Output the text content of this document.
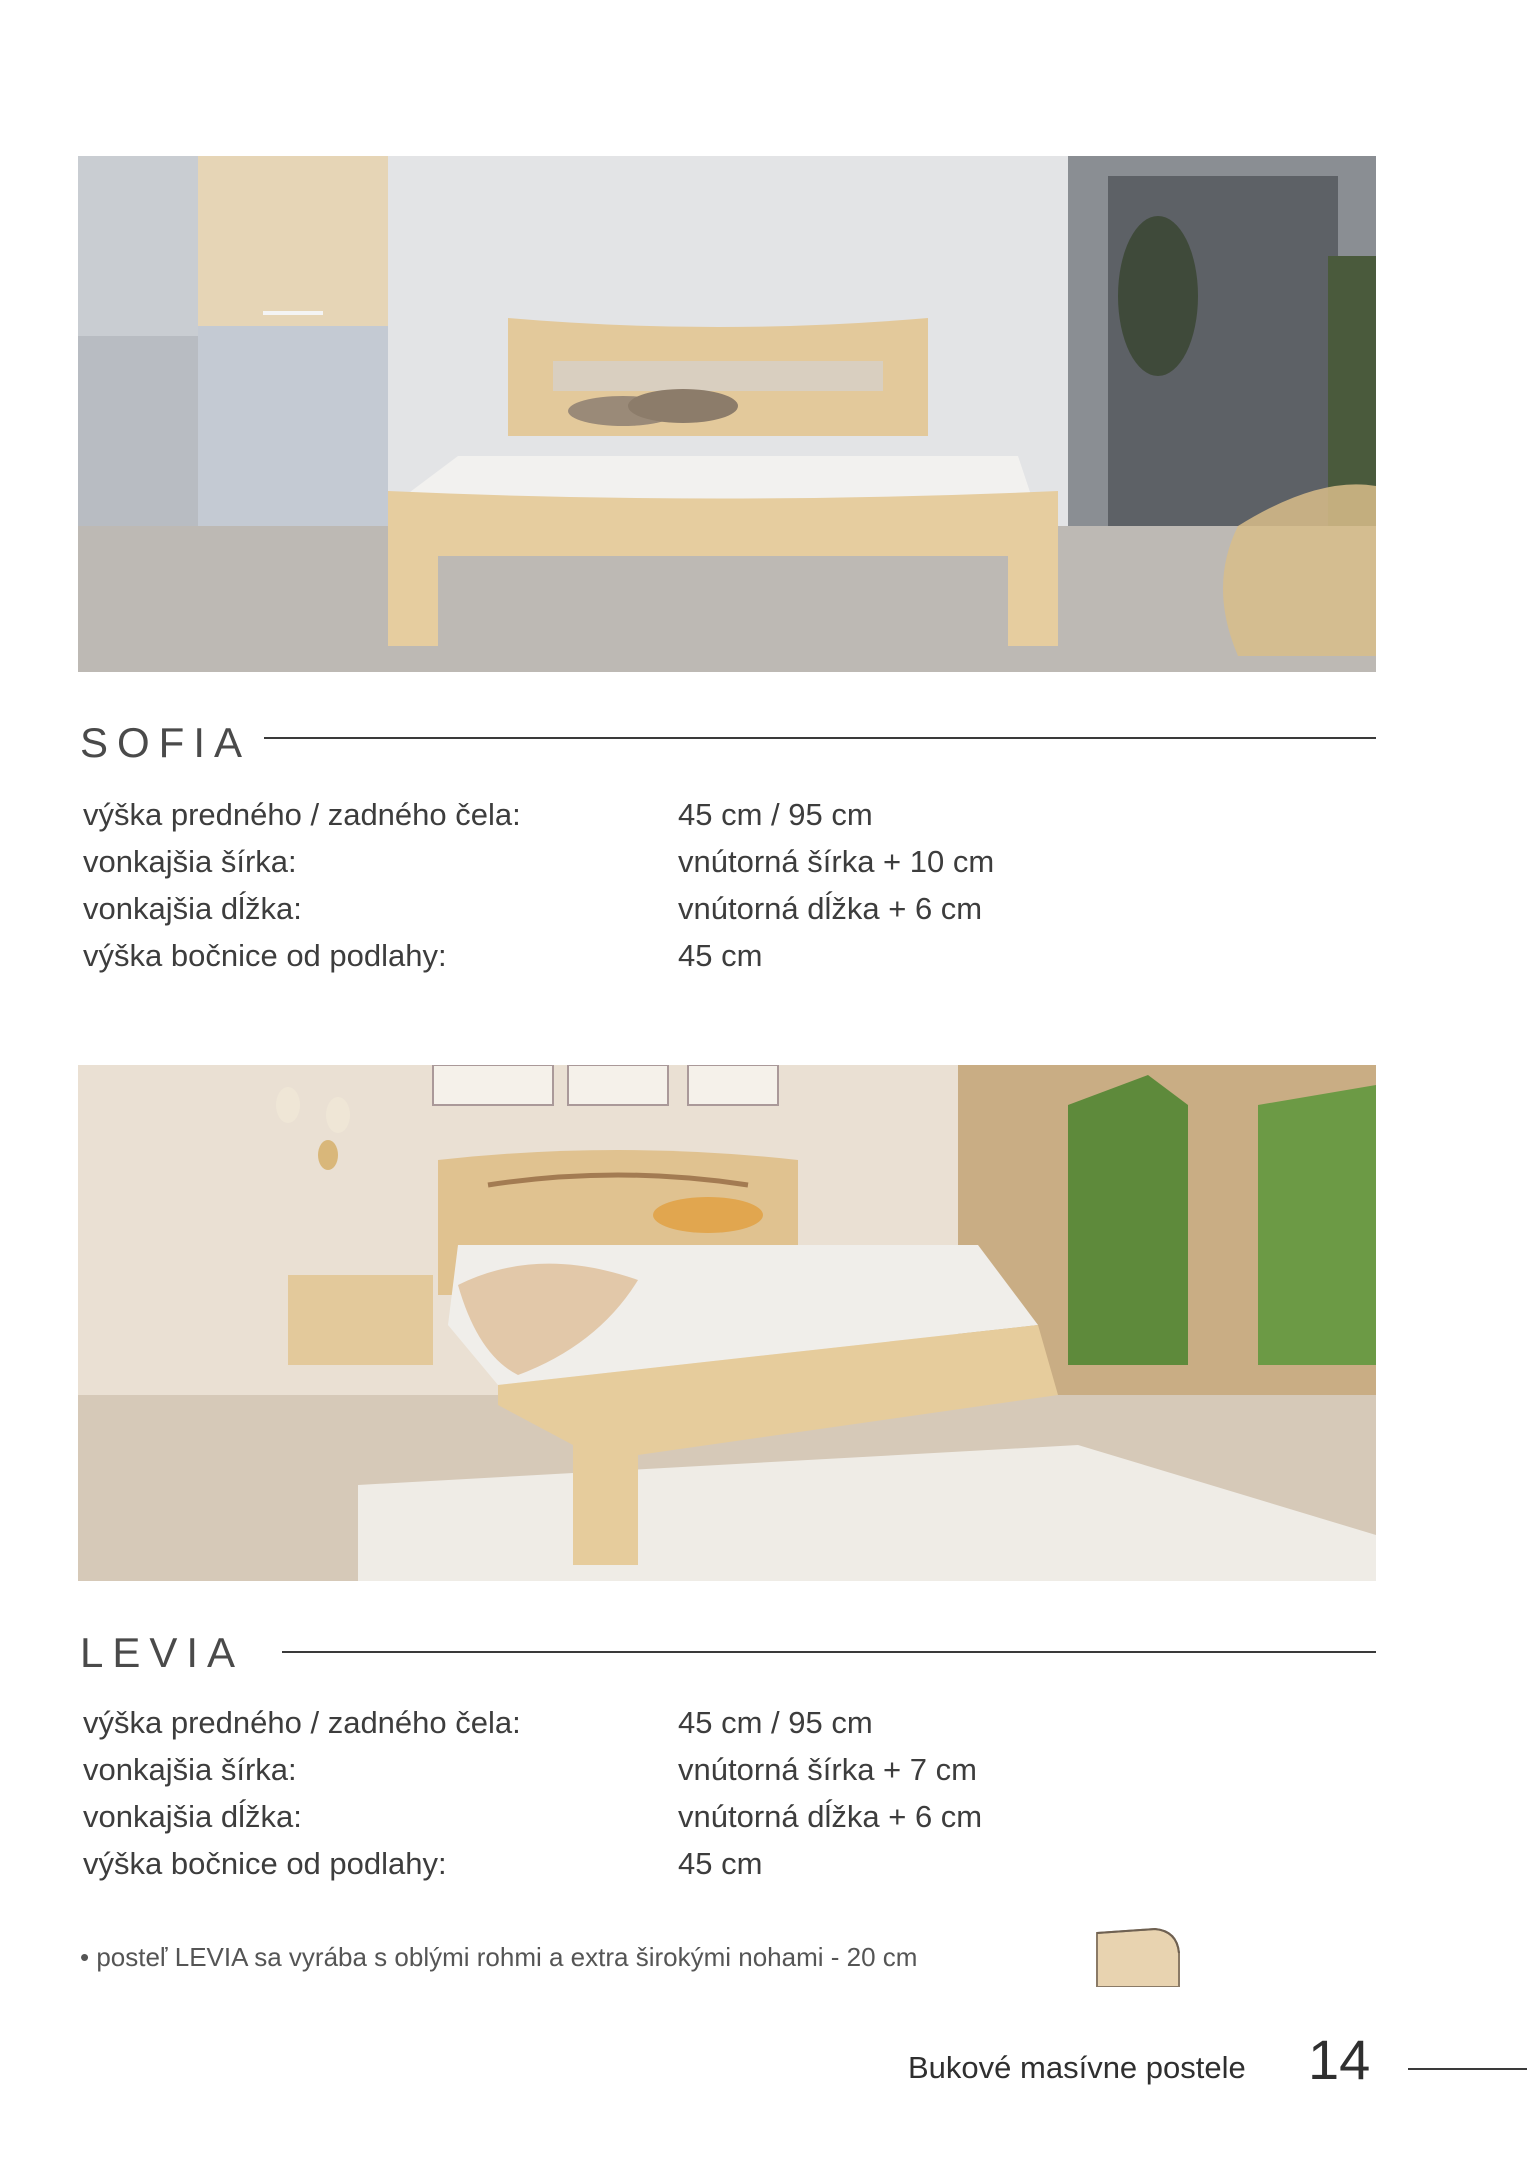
SOFIA
výška predného / zadného čela:	45 cm / 95 cm
vonkajšia šírka:	vnútorná šírka + 10 cm
vonkajšia dĺžka:	vnútorná dĺžka + 6 cm
výška bočnice od podlahy:	45 cm
LEVIA
výška predného / zadného čela:	45 cm / 95 cm
vonkajšia šírka:	vnútorná šírka + 7 cm
vonkajšia dĺžka:	vnútorná dĺžka + 6 cm
výška bočnice od podlahy:	45 cm
• posteľ LEVIA sa vyrába s oblými rohmi a extra širokými nohami - 20 cm
Bukové masívne postele 14
